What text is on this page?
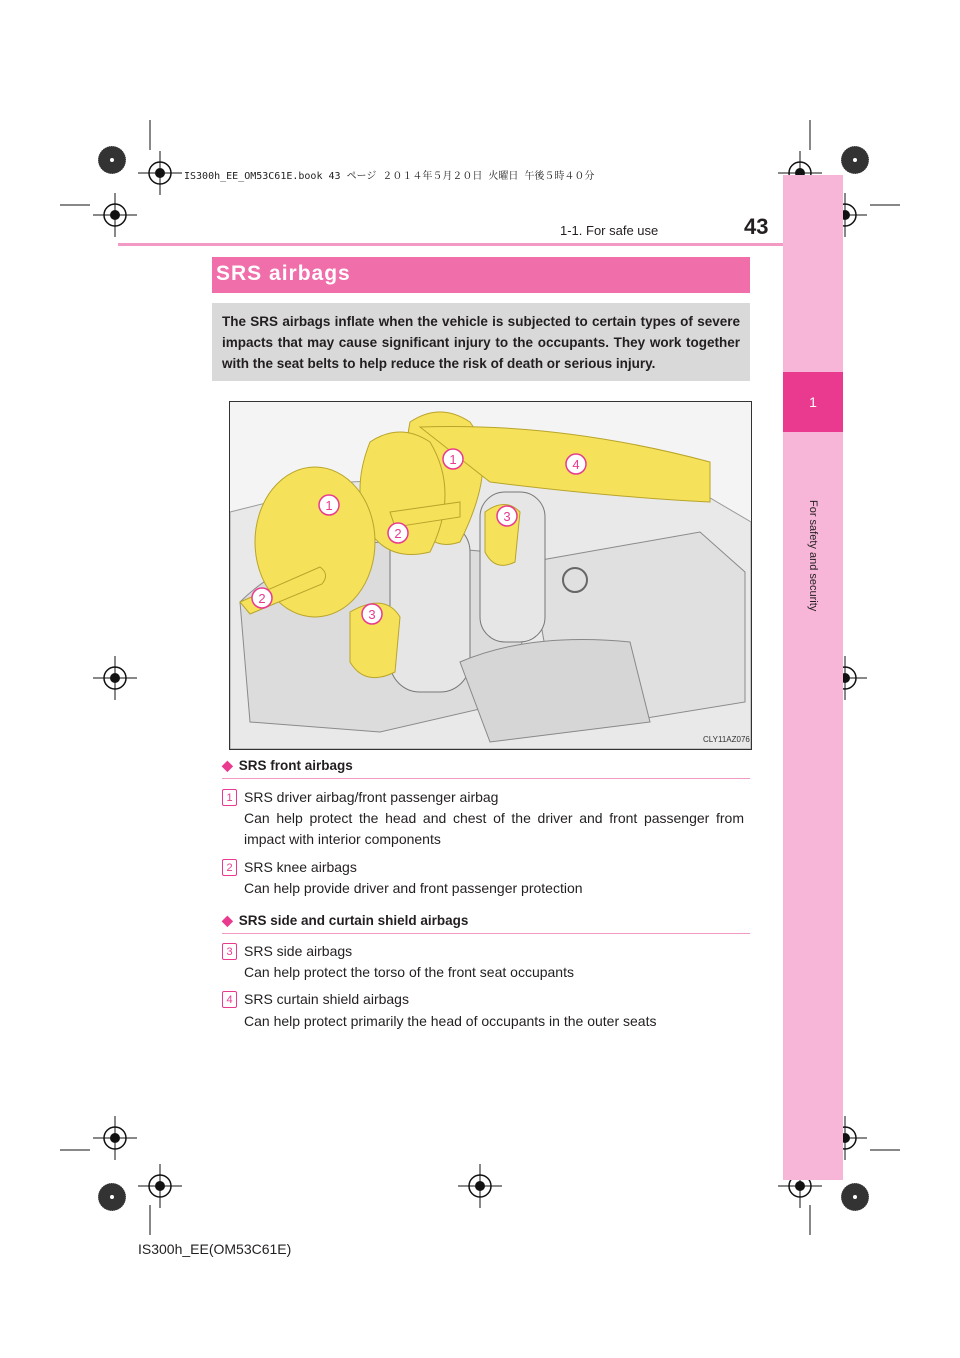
IS300h_EE_OM53C61E.book 43 ページ ２０１４年５月２０日 火曜日 午後５時４０分
43
1-1. For safe use
1
For safety and security
SRS airbags
The SRS airbags inflate when the vehicle is subjected to certain types of severe impacts that may cause significant injury to the occupants. They work together with the seat belts to help reduce the risk of death or serious injury.
1
1
2
2
3
3
4
CLY11AZ076
◆ SRS front airbags
1 SRS driver airbag/front passenger airbag
Can help protect the head and chest of the driver and front passenger from impact with interior components
2 SRS knee airbags
Can help provide driver and front passenger protection
◆ SRS side and curtain shield airbags
3 SRS side airbags
Can help protect the torso of the front seat occupants
4 SRS curtain shield airbags
Can help protect primarily the head of occupants in the outer seats
IS300h_EE(OM53C61E)
